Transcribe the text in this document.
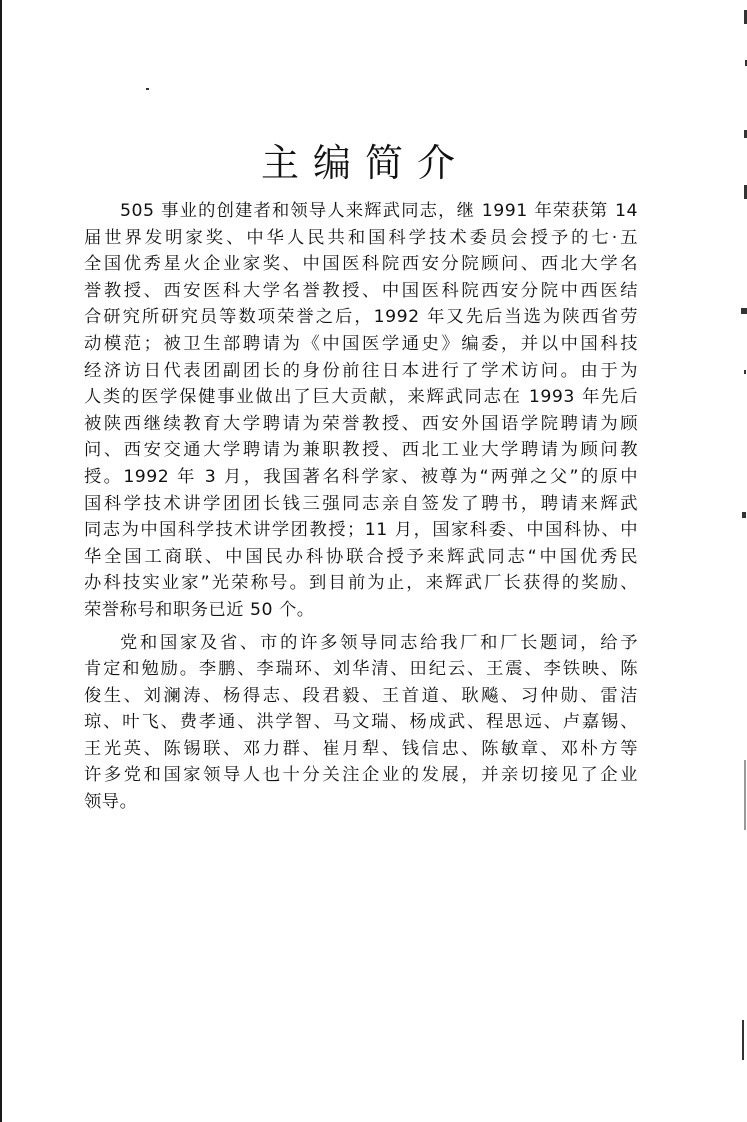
主编简介
505 事业的创建者和领导人来辉武同志，继 1991 年荣获第 14
届世界发明家奖、中华人民共和国科学技术委员会授予的七·五
全国优秀星火企业家奖、中国医科院西安分院顾问、西北大学名
誉教授、西安医科大学名誉教授、中国医科院西安分院中西医结
合研究所研究员等数项荣誉之后，1992 年又先后当选为陕西省劳
动模范；被卫生部聘请为《中国医学通史》编委，并以中国科技
经济访日代表团副团长的身份前往日本进行了学术访问。由于为
人类的医学保健事业做出了巨大贡献，来辉武同志在 1993 年先后
被陕西继续教育大学聘请为荣誉教授、西安外国语学院聘请为顾
问、西安交通大学聘请为兼职教授、西北工业大学聘请为顾问教
授。1992 年 3 月，我国著名科学家、被尊为“两弹之父”的原中
国科学技术讲学团团长钱三强同志亲自签发了聘书，聘请来辉武
同志为中国科学技术讲学团教授；11 月，国家科委、中国科协、中
华全国工商联、中国民办科协联合授予来辉武同志“中国优秀民
办科技实业家”光荣称号。到目前为止，来辉武厂长获得的奖励、
荣誉称号和职务已近 50 个。
党和国家及省、市的许多领导同志给我厂和厂长题词，给予
肯定和勉励。李鹏、李瑞环、刘华清、田纪云、王震、李铁映、陈
俊生、刘澜涛、杨得志、段君毅、王首道、耿飚、习仲勋、雷洁
琼、叶飞、费孝通、洪学智、马文瑞、杨成武、程思远、卢嘉锡、
王光英、陈锡联、邓力群、崔月犁、钱信忠、陈敏章、邓朴方等
许多党和国家领导人也十分关注企业的发展，并亲切接见了企业
领导。
